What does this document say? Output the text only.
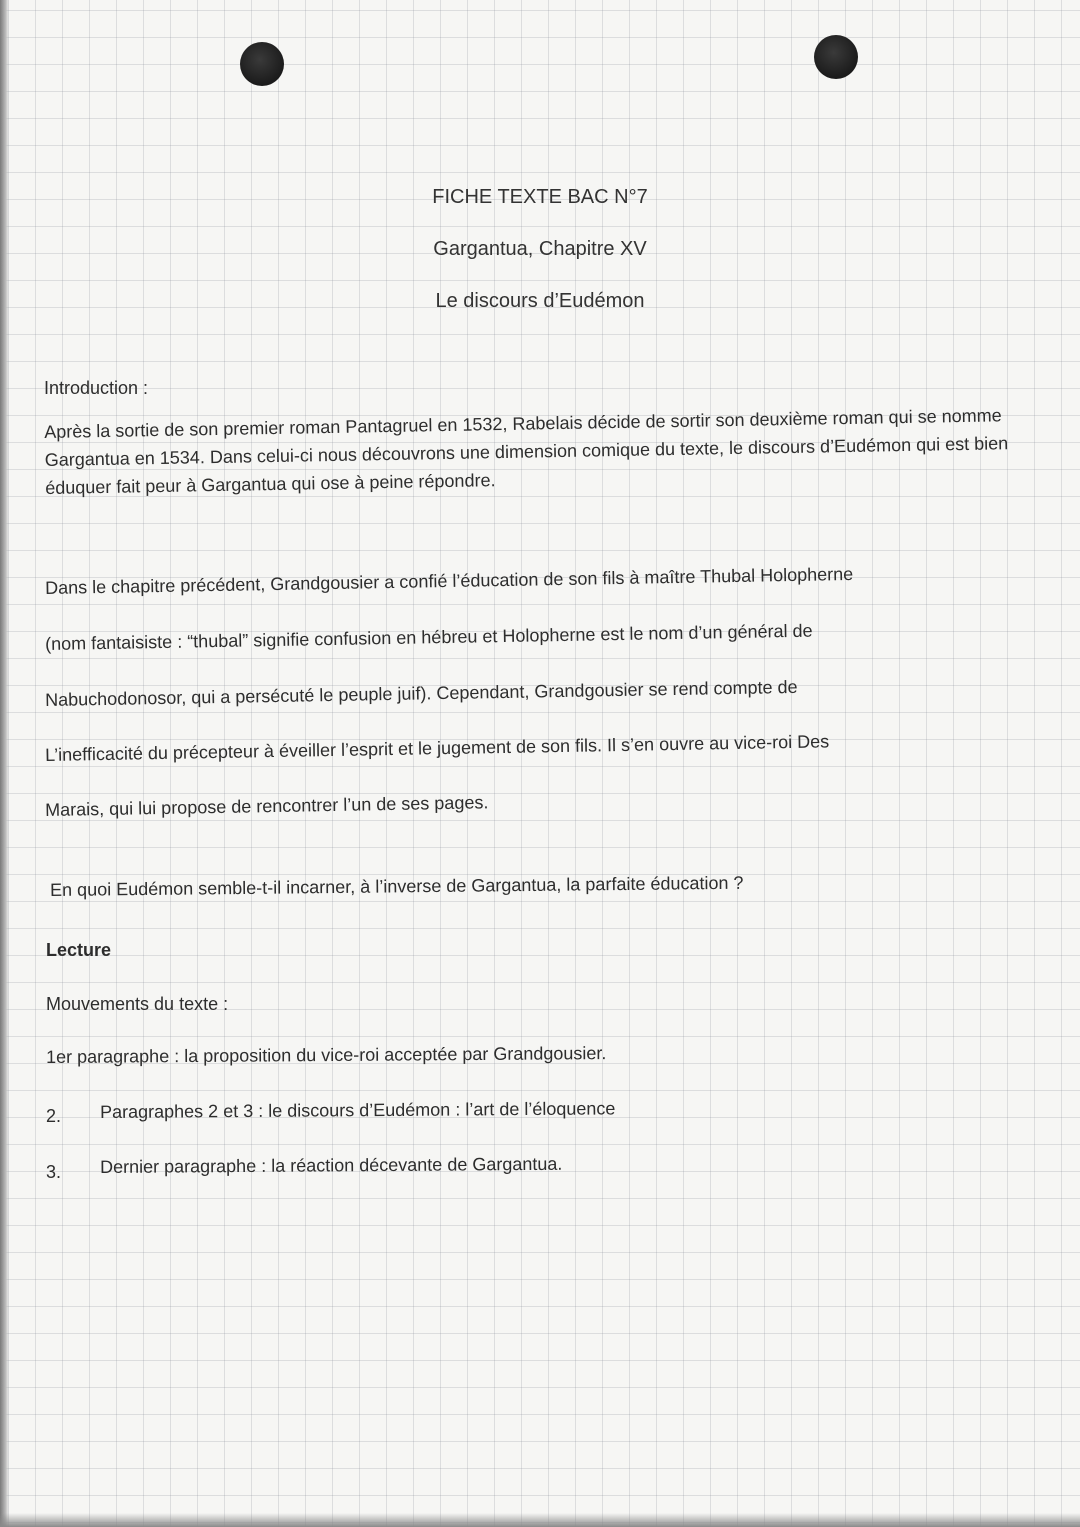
FICHE TEXTE BAC N°7
Gargantua, Chapitre XV
Le discours d’Eudémon
Introduction :
Après la sortie de son premier roman Pantagruel en 1532, Rabelais décide de sortir son deuxième roman qui se nomme Gargantua en 1534. Dans celui-ci nous découvrons une dimension comique du texte, le discours d’Eudémon qui est bien éduquer fait peur à Gargantua qui ose à peine répondre.
Dans le chapitre précédent, Grandgousier a confié l’éducation de son fils à maître Thubal Holopherne
(nom fantaisiste : “thubal” signifie confusion en hébreu et Holopherne est le nom d’un général de
Nabuchodonosor, qui a persécuté le peuple juif). Cependant, Grandgousier se rend compte de
L’inefficacité du précepteur à éveiller l’esprit et le jugement de son fils. Il s’en ouvre au vice-roi Des
Marais, qui lui propose de rencontrer l’un de ses pages.
En quoi Eudémon semble-t-il incarner, à l’inverse de Gargantua, la parfaite éducation ?
Lecture
Mouvements du texte :
1er paragraphe : la proposition du vice-roi acceptée par Grandgousier.
2. Paragraphes 2 et 3 : le discours d’Eudémon : l’art de l’éloquence
3. Dernier paragraphe : la réaction décevante de Gargantua.
